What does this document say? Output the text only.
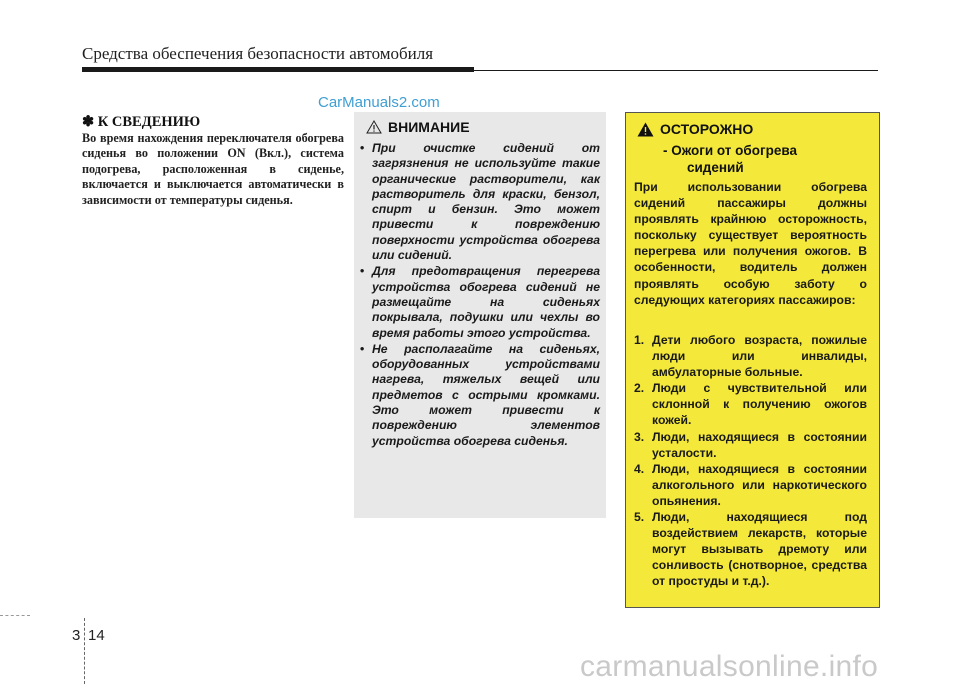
Средства обеспечения безопасности автомобиля
CarManuals2.com
✽ К СВЕДЕНИЮ
Во время нахождения переключателя обогрева сиденья во положении ON (Вкл.), система подогрева, расположенная в сиденье, включается и выключается автоматически в зависимости от температуры сиденья.
ВНИМАНИЕ
• При очистке сидений от загрязнения не используйте такие органические растворители, как растворитель для краски, бензол, спирт и бензин. Это может привести к повреждению поверхности устройства обогрева или сидений.
• Для предотвращения перегрева устройства обогрева сидений не размещайте на сиденьях покрывала, подушки или чехлы во время работы этого устройства.
• Не располагайте на сиденьях, оборудованных устройствами нагрева, тяжелых вещей или предметов с острыми кромками. Это может привести к повреждению элементов устройства обогрева сиденья.
ОСТОРОЖНО
- Ожоги от обогрева
сидений
При использовании обогрева сидений пассажиры должны проявлять крайнюю осторожность, поскольку существует вероятность перегрева или получения ожогов. В особенности, водитель должен проявлять особую заботу о следующих категориях пассажиров:
1. Дети любого возраста, пожилые люди или инвалиды, амбулаторные больные.
2. Люди с чувствительной или склонной к получению ожогов кожей.
3. Люди, находящиеся в состоянии усталости.
4. Люди, находящиеся в состоянии алкогольного или наркотического опьянения.
5. Люди, находящиеся под воздействием лекарств, которые могут вызывать дремоту или сонливость (снотворное, средства от простуды и т.д.).
3 14
carmanualsonline.info
